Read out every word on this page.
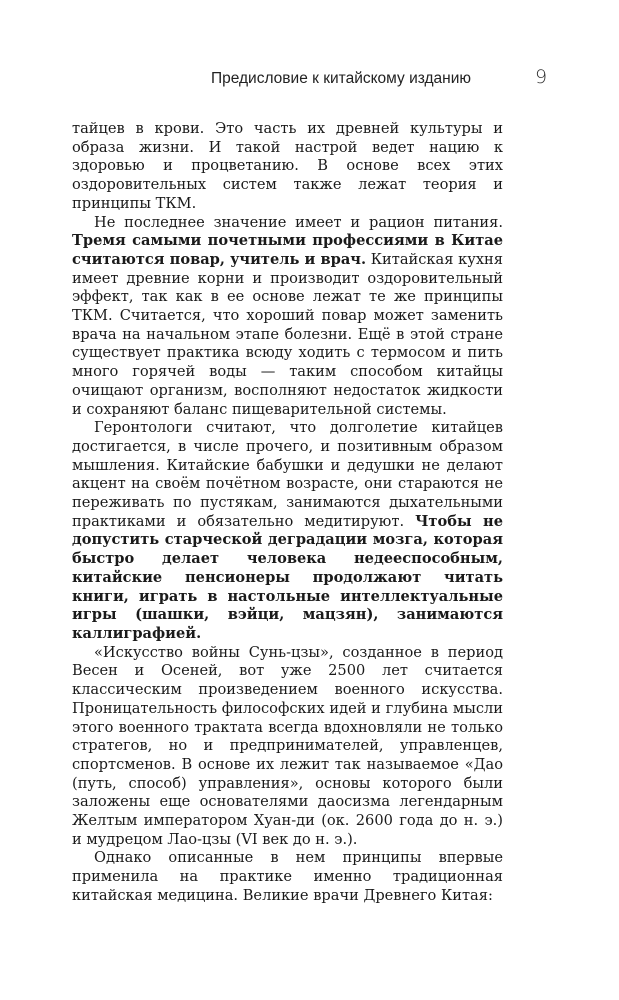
Предисловие к китайскому изданию	9

тайцев в крови. Это часть их древней культуры и образа жизни. И такой настрой ведет нацию к здоровью и процветанию. В основе всех этих оздоровительных систем также лежат теория и принципы ТКМ.

Не последнее значение имеет и рацион питания. Тремя самыми почетными профессиями в Китае считаются повар, учитель и врач. Китайская кухня имеет древние корни и производит оздоровительный эффект, так как в ее основе лежат те же принципы ТКМ. Считается, что хороший повар может заменить врача на начальном этапе болезни. Ещё в этой стране существует практика всюду ходить с термосом и пить много горячей воды — таким способом китайцы очищают организм, восполняют недостаток жидкости и сохраняют баланс пищеварительной системы.

Геронтологи считают, что долголетие китайцев достигается, в числе прочего, и позитивным образом мышления. Китайские бабушки и дедушки не делают акцент на своём почётном возрасте, они стараются не переживать по пустякам, занимаются дыхательными практиками и обязательно медитируют. Чтобы не допустить старческой деградации мозга, которая быстро делает человека недееспособным, китайские пенсионеры продолжают читать книги, играть в настольные интеллектуальные игры (шашки, вэйци, мацзян), занимаются каллиграфией.

«Искусство войны Сунь-цзы», созданное в период Весен и Осеней, вот уже 2500 лет считается классическим произведением военного искусства. Проницательность философских идей и глубина мысли этого военного трактата всегда вдохновляли не только стратегов, но и предпринимателей, управленцев, спортсменов. В основе их лежит так называемое «Дао (путь, способ) управления», основы которого были заложены еще основателями даосизма легендарным Желтым императором Хуан-ди (ок. 2600 года до н. э.) и мудрецом Лао-цзы (VI век до н. э.).

Однако описанные в нем принципы впервые применила на практике именно традиционная китайская медицина. Великие врачи Древнего Китая:
